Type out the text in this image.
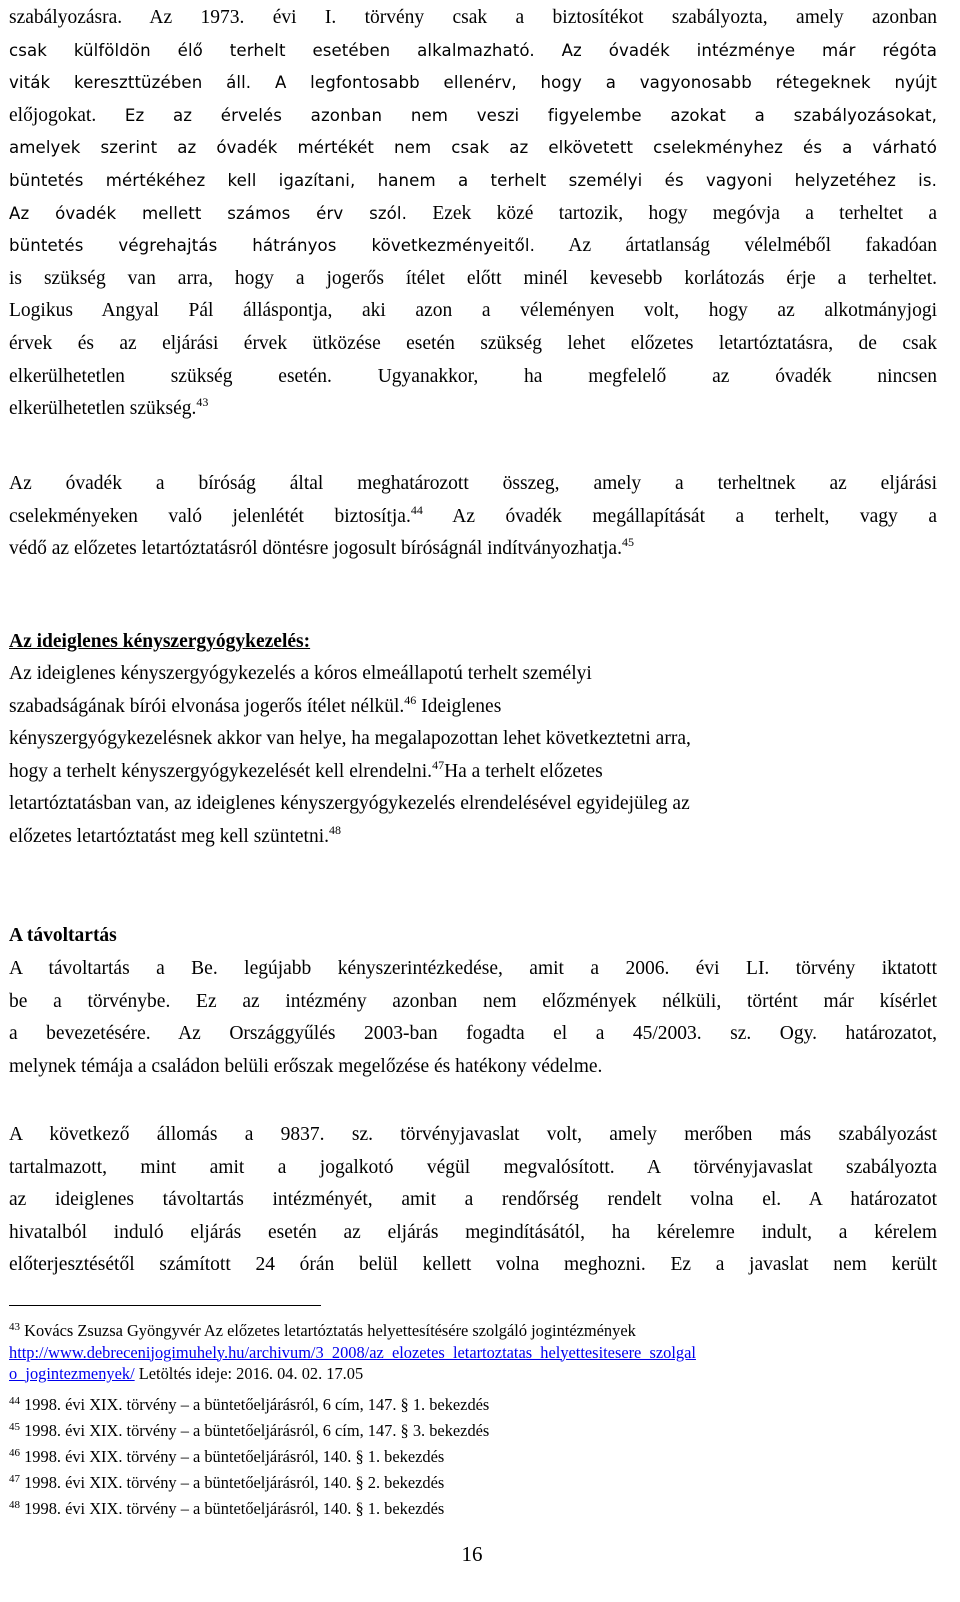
szabályozásra. Az 1973. évi I. törvény csak a biztosítékot szabályozta, amely azonban
csak külföldön élő terhelt esetében alkalmazható. Az óvadék intézménye már régóta
viták kereszttüzében áll. A legfontosabb ellenérv, hogy a vagyonosabb rétegeknek nyújt
előjogokat. Ez az érvelés azonban nem veszi figyelembe azokat a szabályozásokat,
amelyek szerint az óvadék mértékét nem csak az elkövetett cselekményhez és a várható
büntetés mértékéhez kell igazítani, hanem a terhelt személyi és vagyoni helyzetéhez is.
Az óvadék mellett számos érv szól. Ezek közé tartozik, hogy megóvja a terheltet a
büntetés végrehajtás hátrányos következményeitől. Az ártatlanság vélelméből fakadóan
is szükség van arra, hogy a jogerős ítélet előtt minél kevesebb korlátozás érje a terheltet.
Logikus Angyal Pál álláspontja, aki azon a véleményen volt, hogy az alkotmányjogi
érvek és az eljárási érvek ütközése esetén szükség lehet előzetes letartóztatásra, de csak
elkerülhetetlen szükség esetén. Ugyanakkor, ha megfelelő az óvadék nincsen
elkerülhetetlen szükség.$^{43}$
Az óvadék a bíróság által meghatározott összeg, amely a terheltnek az eljárási
cselekményeken való jelenlétét biztosítja.$^{44}$ Az óvadék megállapítását a terhelt, vagy a
védő az előzetes letartóztatásról döntésre jogosult bíróságnál indítványozhatja.$^{45}$
Az ideiglenes kényszergyógykezelés:
Az ideiglenes kényszergyógykezelés a kóros elmeállapotú terhelt személyi
szabadságának bírói elvonása jogerős ítélet nélkül.$^{46}$ Ideiglenes
kényszergyógykezelésnek akkor van helye, ha megalapozottan lehet következtetni arra,
hogy a terhelt kényszergyógykezelését kell elrendelni.$^{47}$Ha a terhelt előzetes
letartóztatásban van, az ideiglenes kényszergyógykezelés elrendelésével egyidejüleg az
előzetes letartóztatást meg kell szüntetni.$^{48}$
A távoltartás
A távoltartás a Be. legújabb kényszerintézkedése, amit a 2006. évi LI. törvény iktatott
be a törvénybe. Ez az intézmény azonban nem előzmények nélküli, történt már kísérlet
a bevezetésére. Az Országgyűlés 2003-ban fogadta el a 45/2003. sz. Ogy. határozatot,
melynek témája a családon belüli erőszak megelőzése és hatékony védelme.
A következő állomás a 9837. sz. törvényjavaslat volt, amely merőben más szabályozást
tartalmazott, mint amit a jogalkotó végül megvalósított. A törvényjavaslat szabályozta
az ideiglenes távoltartás intézményét, amit a rendőrség rendelt volna el. A határozatot
hivatalból induló eljárás esetén az eljárás megindításától, ha kérelemre indult, a kérelem
előterjesztésétől számított 24 órán belül kellett volna meghozni. Ez a javaslat nem került
$^{43}$ Kovács Zsuzsa Gyöngyvér Az előzetes letartóztatás helyettesítésére szolgáló jogintézmények
http://www.debrecenijogimuhely.hu/archivum/3_2008/az_elozetes_letartoztatas_helyettesitesere_szolgal
o_jogintezmenyek/ Letöltés ideje: 2016. 04. 02. 17.05
$^{44}$ 1998. évi XIX. törvény – a büntetőeljárásról, 6 cím, 147. § 1. bekezdés
$^{45}$ 1998. évi XIX. törvény – a büntetőeljárásról, 6 cím, 147. § 3. bekezdés
$^{46}$ 1998. évi XIX. törvény – a büntetőeljárásról, 140. § 1. bekezdés
$^{47}$ 1998. évi XIX. törvény – a büntetőeljárásról, 140. § 2. bekezdés
$^{48}$ 1998. évi XIX. törvény – a büntetőeljárásról, 140. § 1. bekezdés
16
